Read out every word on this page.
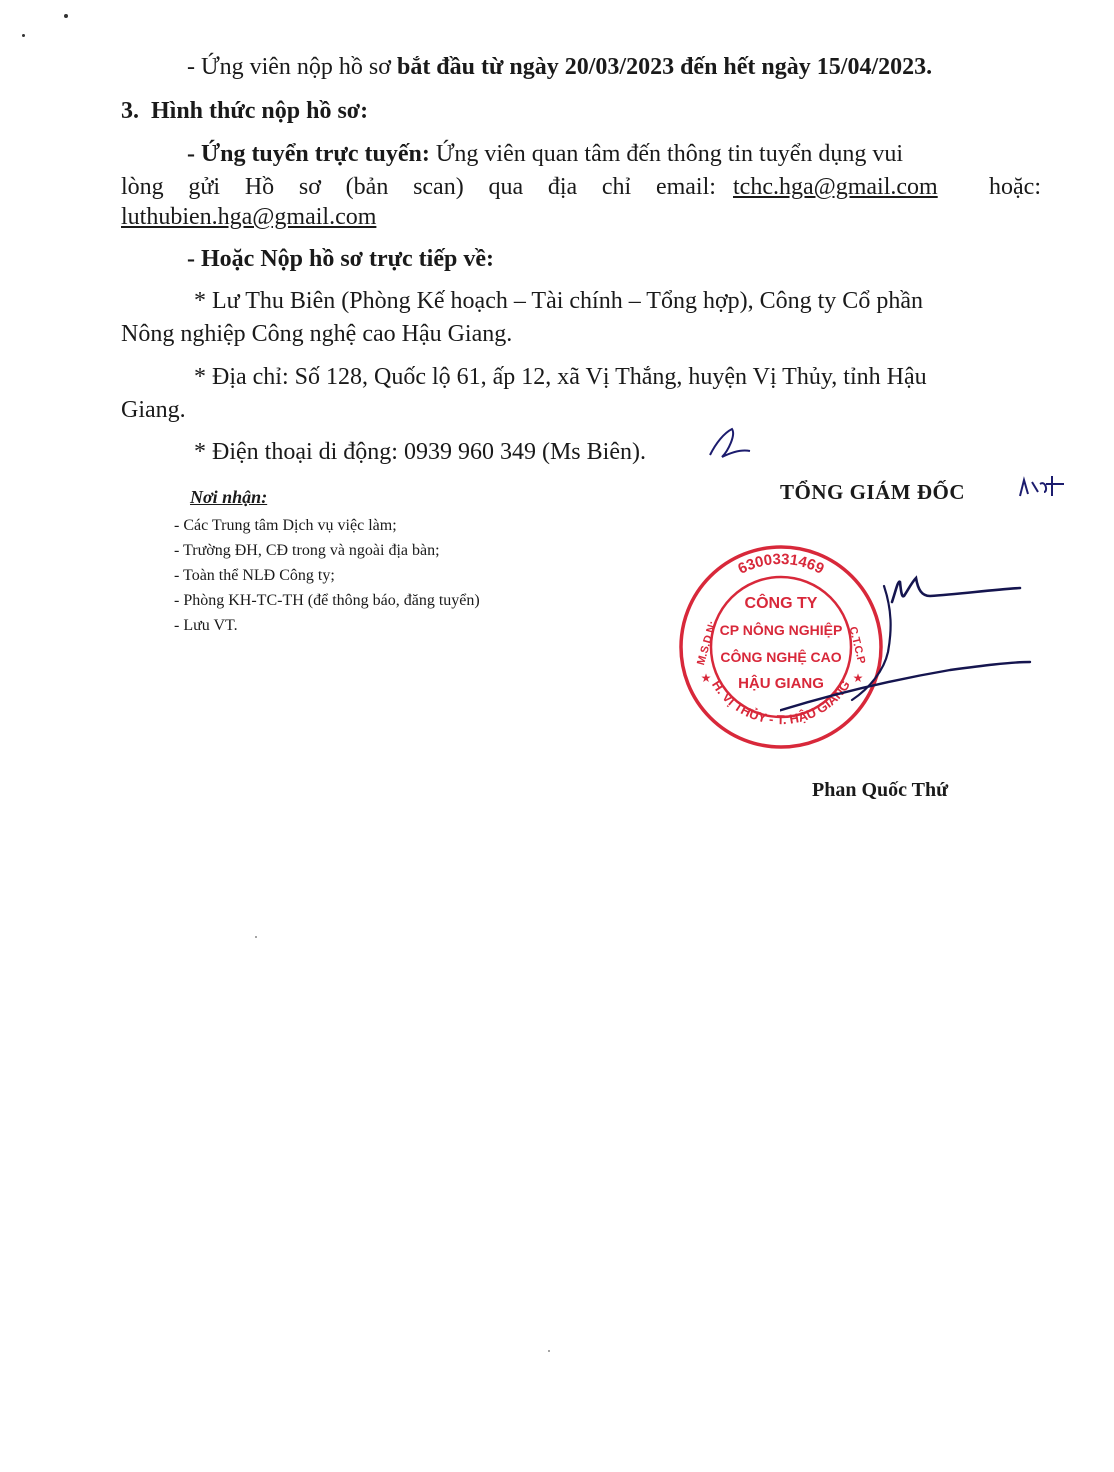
- Ứng viên nộp hồ sơ bắt đầu từ ngày 20/03/2023 đến hết ngày 15/04/2023.
3. Hình thức nộp hồ sơ:
- Ứng tuyển trực tuyến: Ứng viên quan tâm đến thông tin tuyển dụng vui
lòng gửi Hồ sơ (bản scan) qua địa chỉ email: tchc.hga@gmail.com hoặc:
luthubien.hga@gmail.com
- Hoặc Nộp hồ sơ trực tiếp về:
* Lư Thu Biên (Phòng Kế hoạch – Tài chính – Tổng hợp), Công ty Cổ phần
Nông nghiệp Công nghệ cao Hậu Giang.
* Địa chỉ: Số 128, Quốc lộ 61, ấp 12, xã Vị Thắng, huyện Vị Thủy, tỉnh Hậu
Giang.
* Điện thoại di động: 0939 960 349 (Ms Biên).
Nơi nhận:
- Các Trung tâm Dịch vụ việc làm;
- Trường ĐH, CĐ trong và ngoài địa bàn;
- Toàn thể NLĐ Công ty;
- Phòng KH-TC-TH (để thông báo, đăng tuyển)
- Lưu VT.
TỔNG GIÁM ĐỐC
6300331469
H. VỊ THỦY - T. HẬU GIANG
CÔNG TY
CP NÔNG NGHIỆP
CÔNG NGHỆ CAO
HẬU GIANG
M.S.D.N:	C.T.C.P
★	★
Phan Quốc Thứ
